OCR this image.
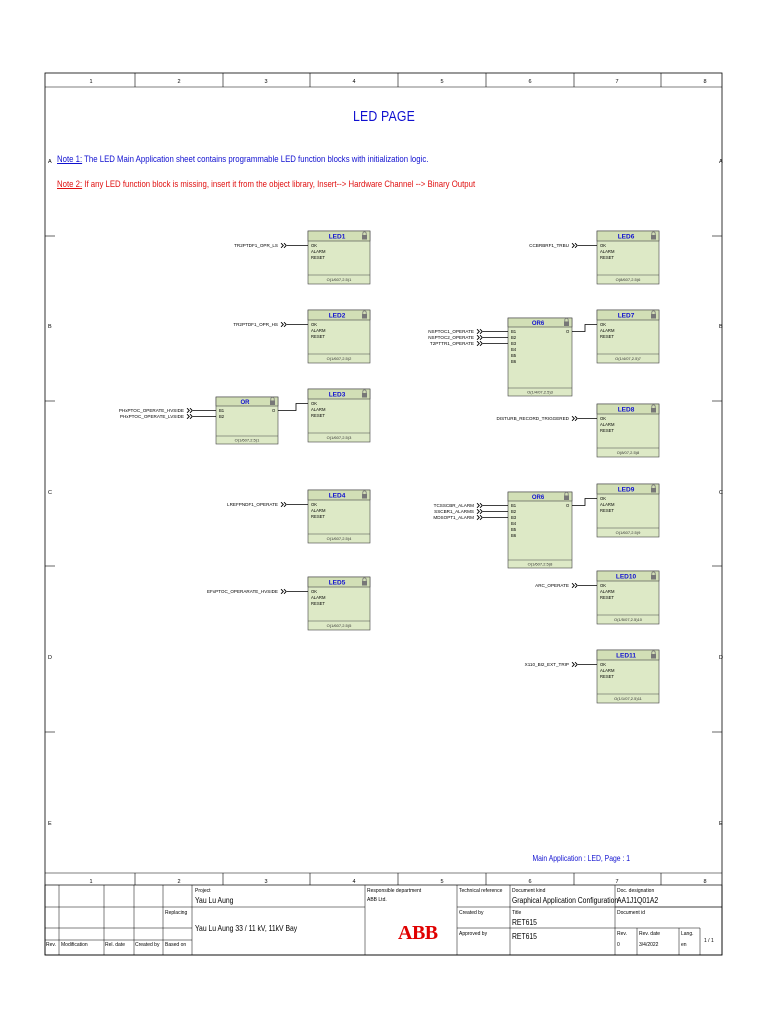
1
1
2
2
3
3
4
4
5
5
6
6
7
7
8
8
A	A
B	B
C	C
D	D
E	E
LED1
O(1/607,2.5)1
OK
ALARM
RESET
LED2
O(1/607,2.5)2
OK
ALARM
RESET
LED3
O(1/607,2.5)3
OK
ALARM
RESET
LED4
O(1/607,2.5)4
OK
ALARM
RESET
LED5
O(1/607,2.5)5
OK
ALARM
RESET
LED6
O(8/607,2.5)6
OK
ALARM
RESET
LED7
O(1/4/07,2.5)7
OK
ALARM
RESET
LED8
O(8/07,2.5)8
OK
ALARM
RESET
LED9
O(1/607,2.5)9
OK
ALARM
RESET
LED10
O(1/5/07,2.5)10
OK
ALARM
RESET
LED11
O(1/1/07,2.5)11
OK
ALARM
RESET
TR2PTDF1_OPR_LS
TR2PTDF1_OPR_HS
LREFPNDF1_OPERATE
EFxPTOC_OPERARATE_HVSIDE
CCBRBRF1_TRBU
DISTURB_RECORD_TRIGGERED
ARC_OPERATE
X110_BI2_EXT_TRIP
OR
O(1/607,2.5)1
B1
B2
O
PHxPTOC_OPERATE_HVSIDE
PHxPTOC_OPERATE_LVSIDE
OR6
O(1/4/07,2.5)3
B1
B2
B3
B4
B5
B6
O
NSPTOC1_OPERATE
NSPTOC2_OPERATE
T2PTTR1_OPERATE
OR6
O(1/607,2.5)8
B1
B2
B3
B4
B5
B6
O
TCSSCBR_ALARM
SSCBR1_ALARMS
MDSOPT1_ALARM
LED PAGE
Note 1: The LED Main Application sheet contains programmable LED function blocks with initialization logic.
Note 2: If any LED function block is missing, insert it from the object library, Insert--> Hardware Channel --> Binary Output
Main Application : LED, Page : 1
Project
Yau Lu Aung
Replacing
Yau Lu Aung 33 / 11 kV, 11kV Bay
Responsible department
ABB Ltd.
Technical reference
Created by
Approved by
Document kind
Graphical Application Configuration
Title
RET615
RET615
Doc. designation
AA1J1Q01A2
Document id
Rev.
0
Rev. date
3/4/2022
Lang.
en
1 / 1
Rev. Modification	Rel. date Created by Based on
ABB
